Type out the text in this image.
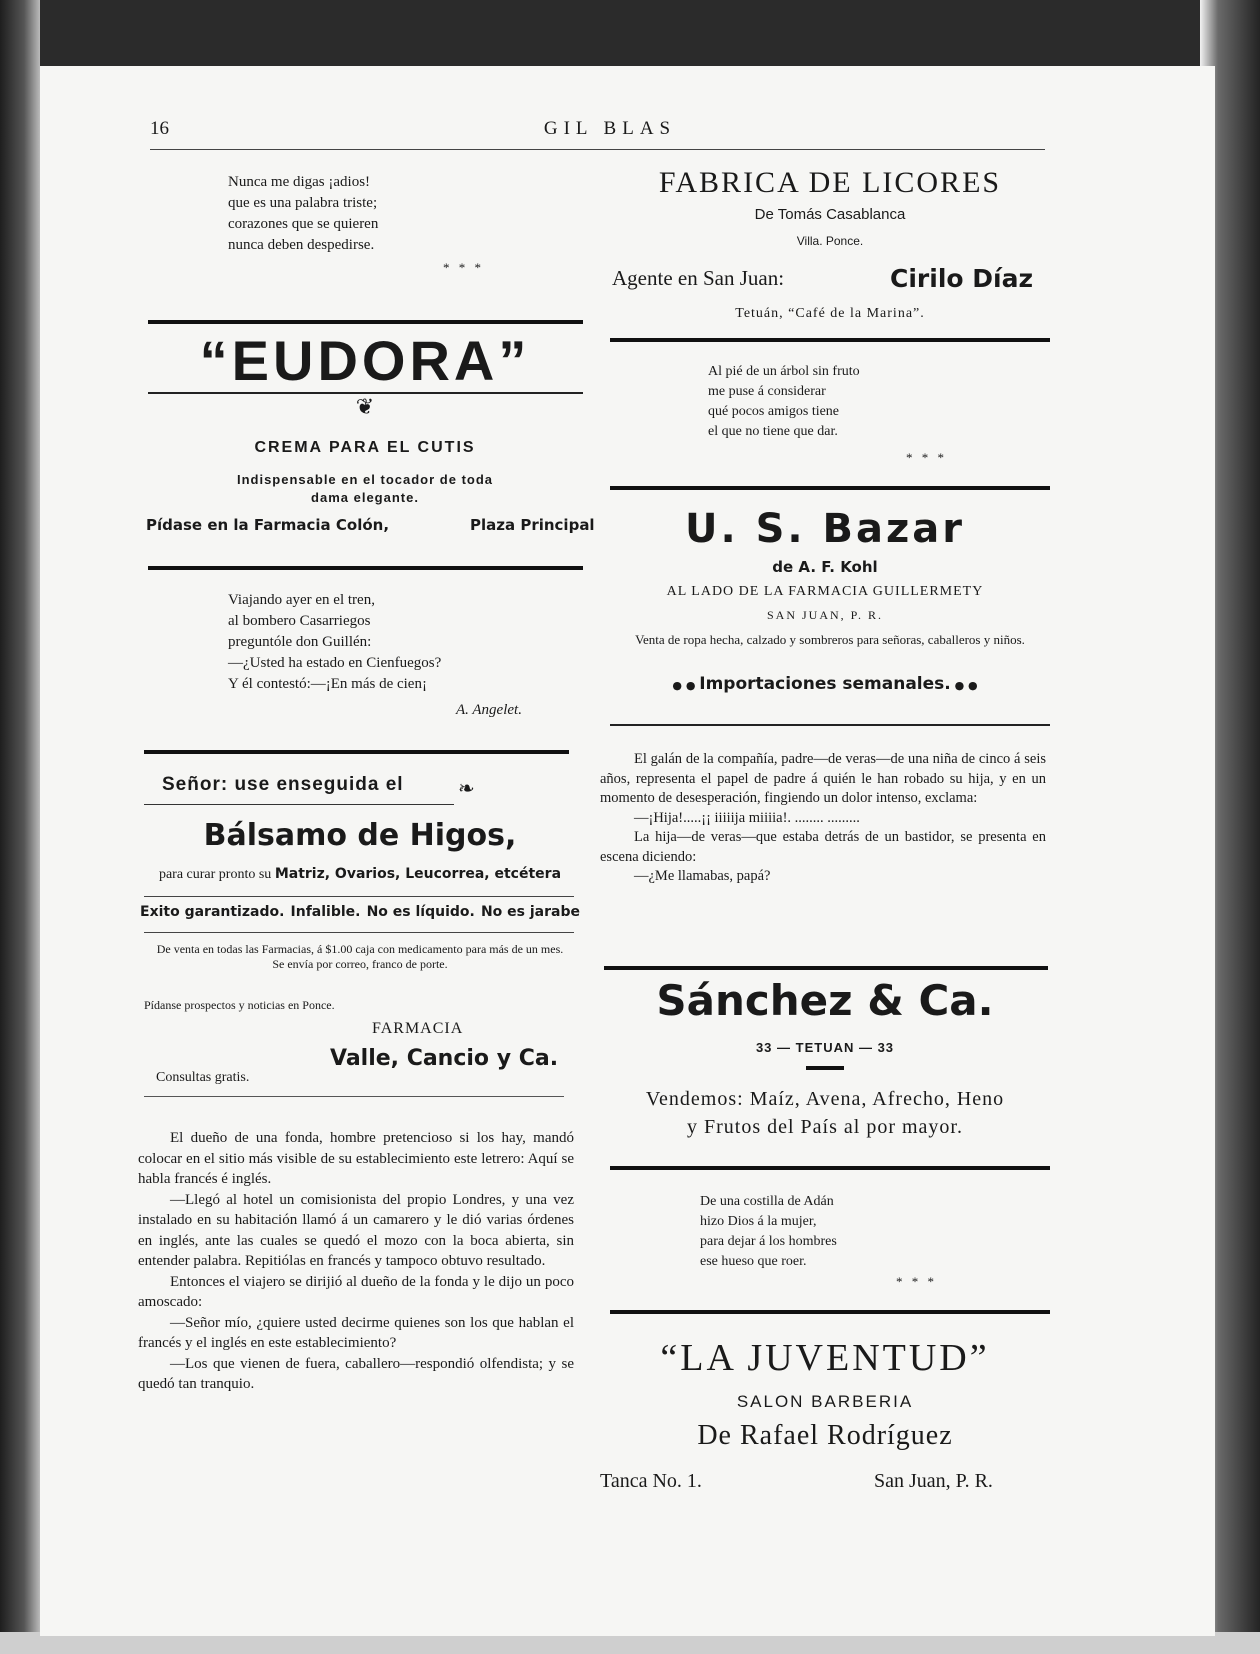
16	GIL BLAS
Nunca me digas ¡adios!
que es una palabra triste;
corazones que se quieren
nunca deben despedirse.
* * *
“EUDORA”
❦
CREMA PARA EL CUTIS
Indispensable en el tocador de toda
dama elegante.
Pídase en la Farmacia Colón,	Plaza Principal
Viajando ayer en el tren,
al bombero Casarriegos
preguntóle don Guillén:
—¿Usted ha estado en Cienfuegos?
Y él contestó:—¡En más de cien¡
A. Angelet.
Señor: use enseguida el	❧
Bálsamo de Higos,
para curar pronto su Matriz, Ovarios, Leucorrea, etcétera
Exito garantizado. Infalible. No es líquido. No es jarabe
De venta en todas las Farmacias, á $1.00 caja con medicamento para más de un mes. Se envía por correo, franco de porte.
Pídanse prospectos y noticias en Ponce.
FARMACIA
Valle, Cancio y Ca.
Consultas gratis.
El dueño de una fonda, hombre pretencioso si los hay, mandó colocar en el sitio más visible de su establecimiento este letrero: Aquí se habla francés é inglés.
—Llegó al hotel un comisionista del propio Londres, y una vez instalado en su habitación llamó á un camarero y le dió varias órdenes en inglés, ante las cuales se quedó el mozo con la boca abierta, sin entender palabra. Repitiólas en francés y tampoco obtuvo resultado.
Entonces el viajero se dirijió al dueño de la fonda y le dijo un poco amoscado:
—Señor mío, ¿quiere usted decirme quienes son los que hablan el francés y el inglés en este establecimiento?
—Los que vienen de fuera, caballero—respondió olfendista; y se quedó tan tranquio.
FABRICA DE LICORES
De Tomás Casablanca
Villa. Ponce.
Agente en San Juan:	Cirilo Díaz
Tetuán, “Café de la Marina”.
Al pié de un árbol sin fruto
me puse á considerar
qué pocos amigos tiene
el que no tiene que dar.
* * *
U. S. Bazar
de A. F. Kohl
AL LADO DE LA FARMACIA GUILLERMETY
SAN JUAN, P. R.
Venta de ropa hecha, calzado y sombreros para señoras, caballeros y niños.
● ● Importaciones semanales. ● ●
El galán de la compañía, padre—de veras—de una niña de cinco á seis años, representa el papel de padre á quién le han robado su hija, y en un momento de desesperación, fingiendo un dolor intenso, exclama:
—¡Hija!.....¡¡ iiiiija miiiia!. ........ .........
La hija—de veras—que estaba detrás de un bastidor, se presenta en escena diciendo:
—¿Me llamabas, papá?
Sánchez & Ca.
33 — TETUAN — 33
Vendemos: Maíz, Avena, Afrecho, Heno
y Frutos del País al por mayor.
De una costilla de Adán
hizo Dios á la mujer,
para dejar á los hombres
ese hueso que roer.
* * *
“LA JUVENTUD”
SALON BARBERIA
De Rafael Rodríguez
Tanca No. 1.	San Juan, P. R.
